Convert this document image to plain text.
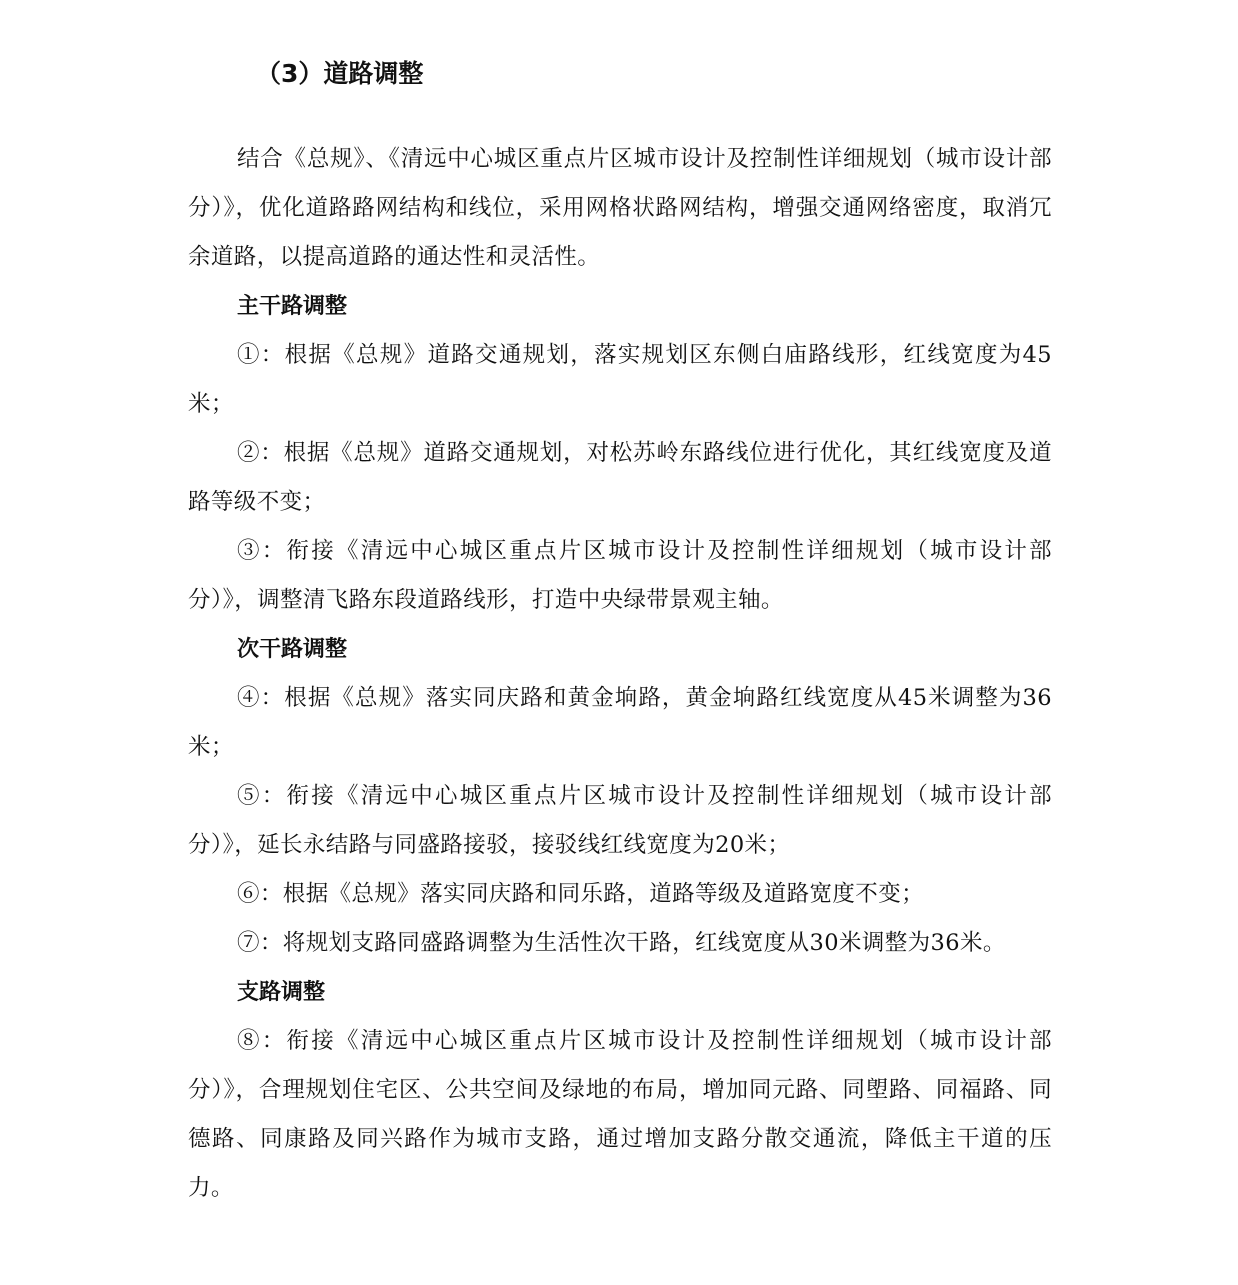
（3）道路调整

结合《总规》、《清远中心城区重点片区城市设计及控制性详细规划（城市设计部分）》，优化道路路网结构和线位，采用网格状路网结构，增强交通网络密度，取消冗余道路，以提高道路的通达性和灵活性。

主干路调整

①：根据《总规》道路交通规划，落实规划区东侧白庙路线形，红线宽度为45米；

②：根据《总规》道路交通规划，对松苏岭东路线位进行优化，其红线宽度及道路等级不变；

③：衔接《清远中心城区重点片区城市设计及控制性详细规划（城市设计部分）》，调整清飞路东段道路线形，打造中央绿带景观主轴。

次干路调整

④：根据《总规》落实同庆路和黄金垧路，黄金垧路红线宽度从45米调整为36米；

⑤：衔接《清远中心城区重点片区城市设计及控制性详细规划（城市设计部分）》，延长永结路与同盛路接驳，接驳线红线宽度为20米；

⑥：根据《总规》落实同庆路和同乐路，道路等级及道路宽度不变；

⑦：将规划支路同盛路调整为生活性次干路，红线宽度从30米调整为36米。

支路调整

⑧：衔接《清远中心城区重点片区城市设计及控制性详细规划（城市设计部分）》，合理规划住宅区、公共空间及绿地的布局，增加同元路、同塱路、同福路、同德路、同康路及同兴路作为城市支路，通过增加支路分散交通流，降低主干道的压力。
